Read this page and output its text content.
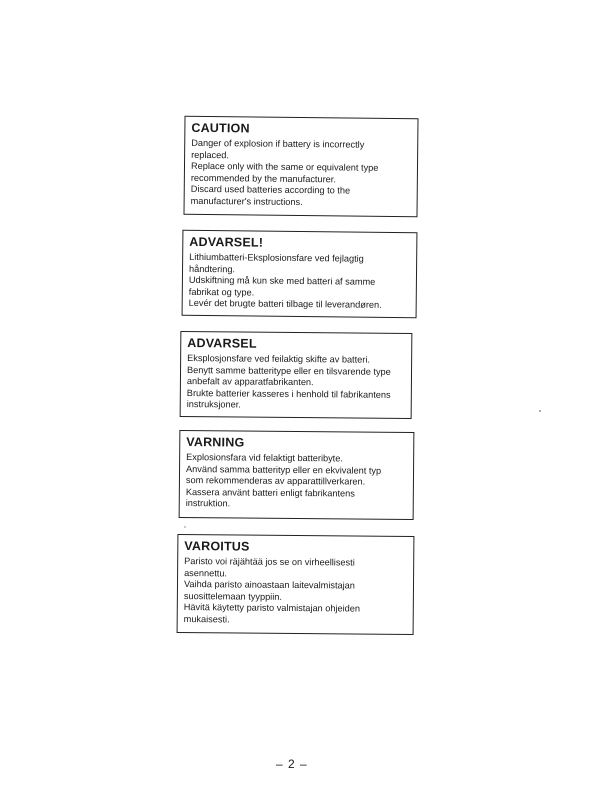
CAUTION
Danger of explosion if battery is incorrectly
replaced.
Replace only with the same or equivalent type
recommended by the manufacturer.
Discard used batteries according to the
manufacturer's instructions.
ADVARSEL!
Lithiumbatteri-Eksplosionsfare ved fejlagtig
håndtering.
Udskiftning må kun ske med batteri af samme
fabrikat og type.
Levér det brugte batteri tilbage til leverandøren.
ADVARSEL
Eksplosjonsfare ved feilaktig skifte av batteri.
Benytt samme batteritype eller en tilsvarende type
anbefalt av apparatfabrikanten.
Brukte batterier kasseres i henhold til fabrikantens
instruksjoner.
VARNING
Explosionsfara vid felaktigt batteribyte.
Använd samma batterityp eller en ekvivalent typ
som rekommenderas av apparattillverkaren.
Kassera använt batteri enligt fabrikantens
instruktion.
VAROITUS
Paristo voi räjähtää jos se on virheellisesti
asennettu.
Vaihda paristo ainoastaan laitevalmistajan
suosittelemaan tyyppiin.
Hävitä käytetty paristo valmistajan ohjeiden
mukaisesti.
– 2 –
